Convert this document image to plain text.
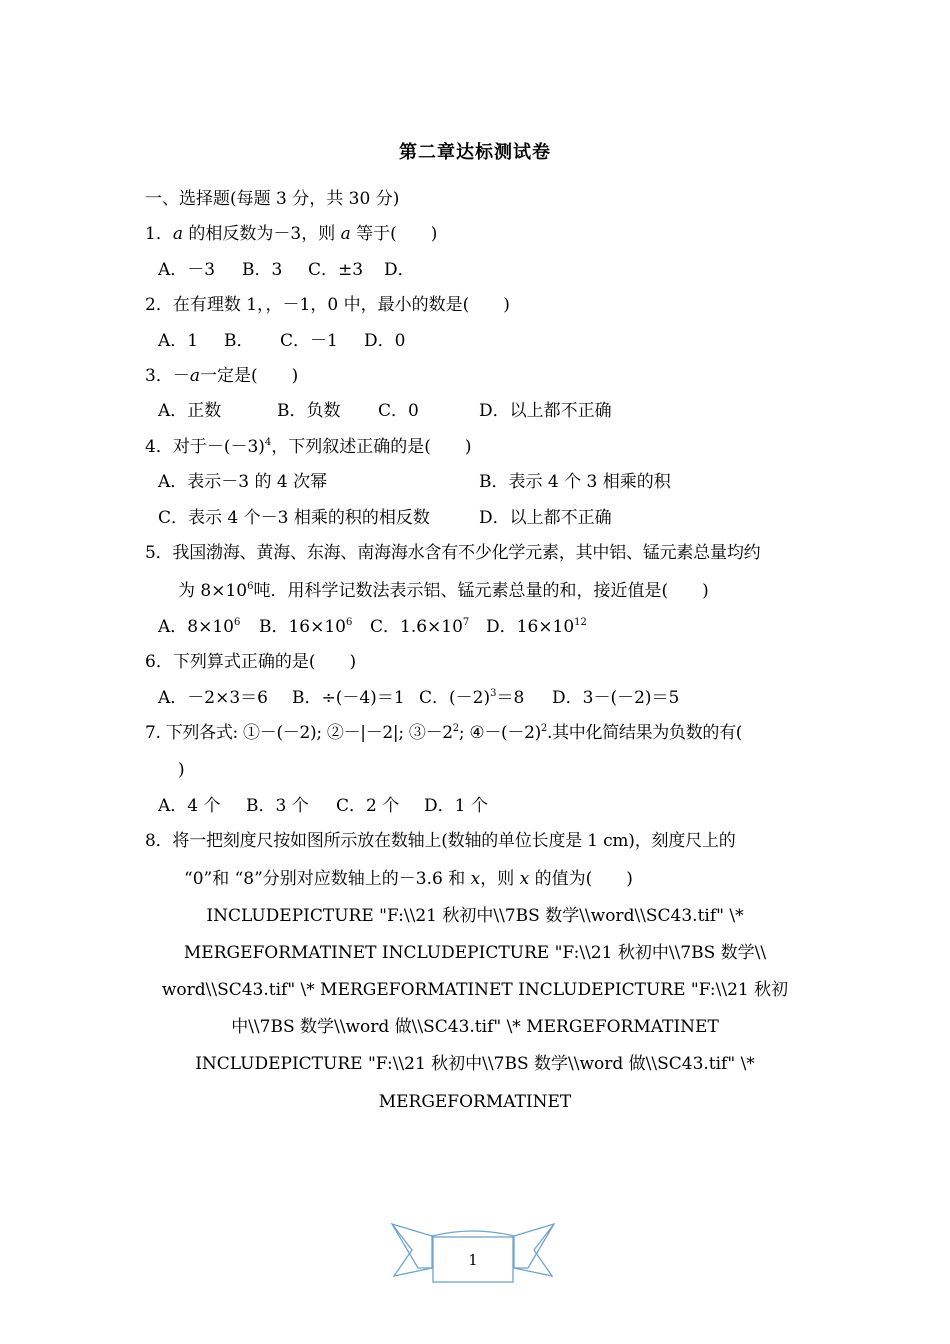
第二章达标测试卷
一、选择题(每题 3 分，共 30 分)
1．a 的相反数为－3，则 a 等于(　　)
A．－3 B．3 C．±3 D．
2．在有理数 1，，－1，0 中，最小的数是(　　)
A．1 B． C．－1 D．0
3．－a一定是(　　)
A．正数	B．负数 C．0	D．以上都不正确
4．对于$-(-3)^4$，下列叙述正确的是(　　)
A．表示－3 的 4 次幂	B．表示 4 个 3 相乘的积
C．表示 4 个－3 相乘的积的相反数	D．以上都不正确
5．我国渤海、黄海、东海、南海海水含有不少化学元素，其中铝、锰元素总量均约
为 $8\times 10^6$吨．用科学记数法表示铝、锰元素总量的和，接近值是(　　)
A．$8\times 10^6$ B．$16\times 10^6$ C．$1.6\times 10^7$ D．$16\times 10^{12}$
6．下列算式正确的是(　　)
A．－2×3＝6 B．÷(－4)＝1 C．$(-2)^3=8$ D．3－(－2)＝5
7. 下列各式: ①－(－2); ②－|－2|; $③-2^2$; $④-(-2)^2$.其中化简结果为负数的有(
)
A．4 个 B．3 个 C．2 个 D．1 个
8．将一把刻度尺按如图所示放在数轴上(数轴的单位长度是 1 cm)，刻度尺上的
“0”和 “8”分别对应数轴上的－3.6 和 x，则 x 的值为(　　)
INCLUDEPICTURE "F:\\21 秋初中\\7BS 数学\\word\\SC43.tif" \*
MERGEFORMATINET INCLUDEPICTURE "F:\\21 秋初中\\7BS 数学\\
word\\SC43.tif" \* MERGEFORMATINET INCLUDEPICTURE "F:\\21 秋初
中\\7BS 数学\\word 做\\SC43.tif" \* MERGEFORMATINET
INCLUDEPICTURE "F:\\21 秋初中\\7BS 数学\\word 做\\SC43.tif" \*
MERGEFORMATINET
1
